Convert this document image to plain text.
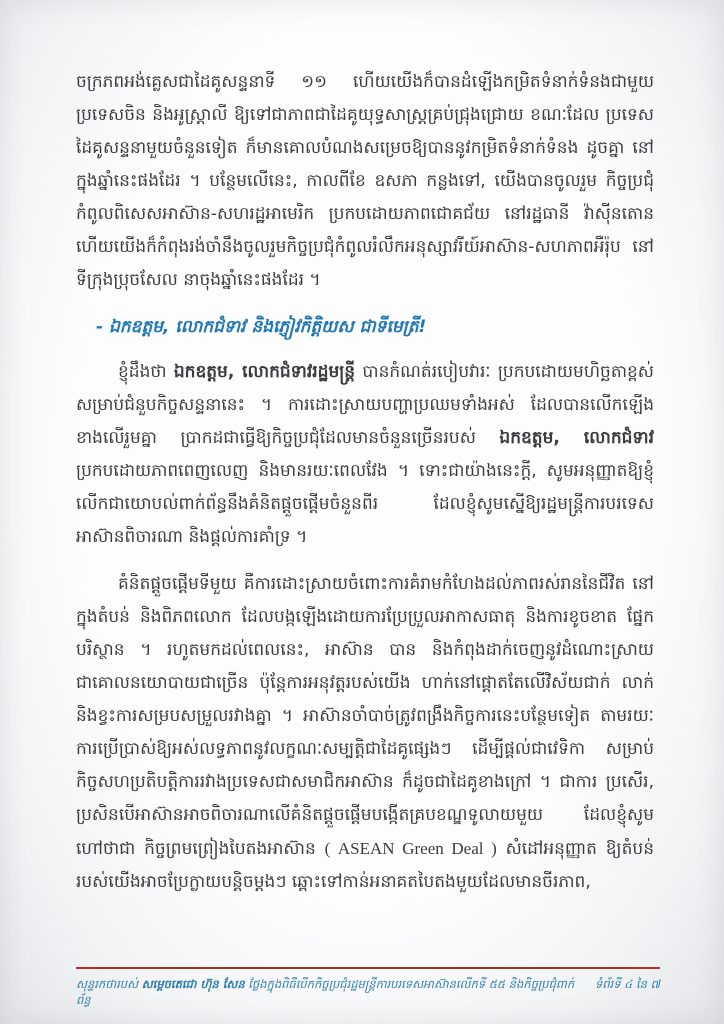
ចក្រភពអង់គ្លេសជាដៃគូសន្ទនាទី ១១ ហើយយើងក៏បានដំឡើងកម្រិតទំនាក់ទំនងជាមួយ ប្រទេសចិន និងអូស្ត្រាលី ឱ្យទៅជាភាពជាដៃគូយុទ្ធសាស្ត្រគ្រប់ជ្រុងជ្រោយ ខណៈដែល ប្រទេសដៃគូសន្ទនាមួយចំនួនទៀត ក៏មានគោលបំណងសម្រេចឱ្យបាននូវកម្រិតទំនាក់ទំនង ដូចគ្នា នៅក្នុងឆ្នាំនេះផងដែរ ។ បន្ថែមលើនេះ, កាលពីខែ ឧសភា កន្លងទៅ, យើងបានចូលរួម កិច្ចប្រជុំកំពូលពិសេសអាស៊ាន-សហរដ្ឋអាមេរិក ប្រកបដោយភាពជោគជ័យ នៅរដ្ឋធានី វ៉ាស៊ីនតោន ហើយយើងក៏កំពុងរង់ចាំនឹងចូលរួមកិច្ចប្រជុំកំពូលរំលឹកអនុស្សាវរីយ៍អាស៊ាន-សហភាពអឺរ៉ុប នៅទីក្រុងប្រុចសែល នាចុងឆ្នាំនេះផងដែរ ។

- ឯកឧត្តម, លោកជំទាវ និងភ្ញៀវកិត្តិយស ជាទីមេត្រី!

ខ្ញុំដឹងថា ឯកឧត្តម, លោកជំទាវរដ្ឋមន្ត្រី បានកំណត់របៀបវារៈ ប្រកបដោយមហិច្ឆតាខ្ពស់ សម្រាប់ជំនួបកិច្ចសន្ទនានេះ ។ ការដោះស្រាយបញ្ហាប្រឈមទាំងអស់ ដែលបានលើកឡើង ខាងលើរួមគ្នា ប្រាកដជាធ្វើឱ្យកិច្ចប្រជុំដែលមានចំនួនច្រើនរបស់ ឯកឧត្តម, លោកជំទាវ ប្រកបដោយភាពពេញលេញ និងមានរយៈពេលវែង ។ ទោះជាយ៉ាងនេះក្តី, សូមអនុញ្ញាតឱ្យខ្ញុំ លើកជាយោបល់ពាក់ព័ន្ធនឹងគំនិតផ្តួចផ្តើមចំនួនពីរ ដែលខ្ញុំសូមស្នើឱ្យរដ្ឋមន្ត្រីការបរទេស អាស៊ានពិចារណា និងផ្តល់ការគាំទ្រ ។

គំនិតផ្តួចផ្តើមទីមួយ គឺការដោះស្រាយចំពោះការគំរាមកំហែងដល់ភាពរស់រាននៃជីវិត នៅក្នុងតំបន់ និងពិភពលោក ដែលបង្កឡើងដោយការប្រែប្រួលអាកាសធាតុ និងការខូចខាត ផ្នែកបរិស្ថាន ។ រហូតមកដល់ពេលនេះ, អាស៊ាន បាន និងកំពុងដាក់ចេញនូវដំណោះស្រាយ ជាគោលនយោបាយជាច្រើន ប៉ុន្តែការអនុវត្តរបស់យើង ហាក់នៅផ្តោតតែលើវិស័យជាក់ លាក់ និងខ្វះការសម្របសម្រួលរវាងគ្នា ។ អាស៊ានចាំបាច់ត្រូវពង្រឹងកិច្ចការនេះបន្ថែមទៀត តាមរយៈការប្រើប្រាស់ឱ្យអស់លទ្ធភាពនូវលក្ខណៈសម្បត្តិជាដៃគូផ្សេងៗ ដើម្បីផ្តល់ជាវេទិកា សម្រាប់កិច្ចសហប្រតិបត្តិការរវាងប្រទេសជាសមាជិកអាស៊ាន ក៏ដូចជាដៃគូខាងក្រៅ ។ ជាការ ប្រសើរ, ប្រសិនបើអាស៊ានអាចពិចារណាលើគំនិតផ្តួចផ្តើមបង្កើតគ្របខណ្ឌទូលាយមួយ ដែលខ្ញុំសូមហៅថាជា កិច្ចព្រមព្រៀងបៃតងអាស៊ាន ( ASEAN Green Deal ) សំដៅអនុញ្ញាត ឱ្យតំបន់របស់យើងអាចប្រែក្លាយបន្តិចម្តងៗ ឆ្ពោះទៅកាន់អនាគតបៃតងមួយដែលមានចីរភាព,

សុន្ទរកថារបស់ សម្តេចតេជោ ហ៊ុន សែន ថ្លែងក្នុងពិធីបើកកិច្ចប្រជុំរដ្ឋមន្ត្រីការបរទេសអាស៊ានលើកទី ៥៥ និងកិច្ចប្រជុំពាក់ព័ន្ធ
ទំព័រទី ៤ នៃ ៧
